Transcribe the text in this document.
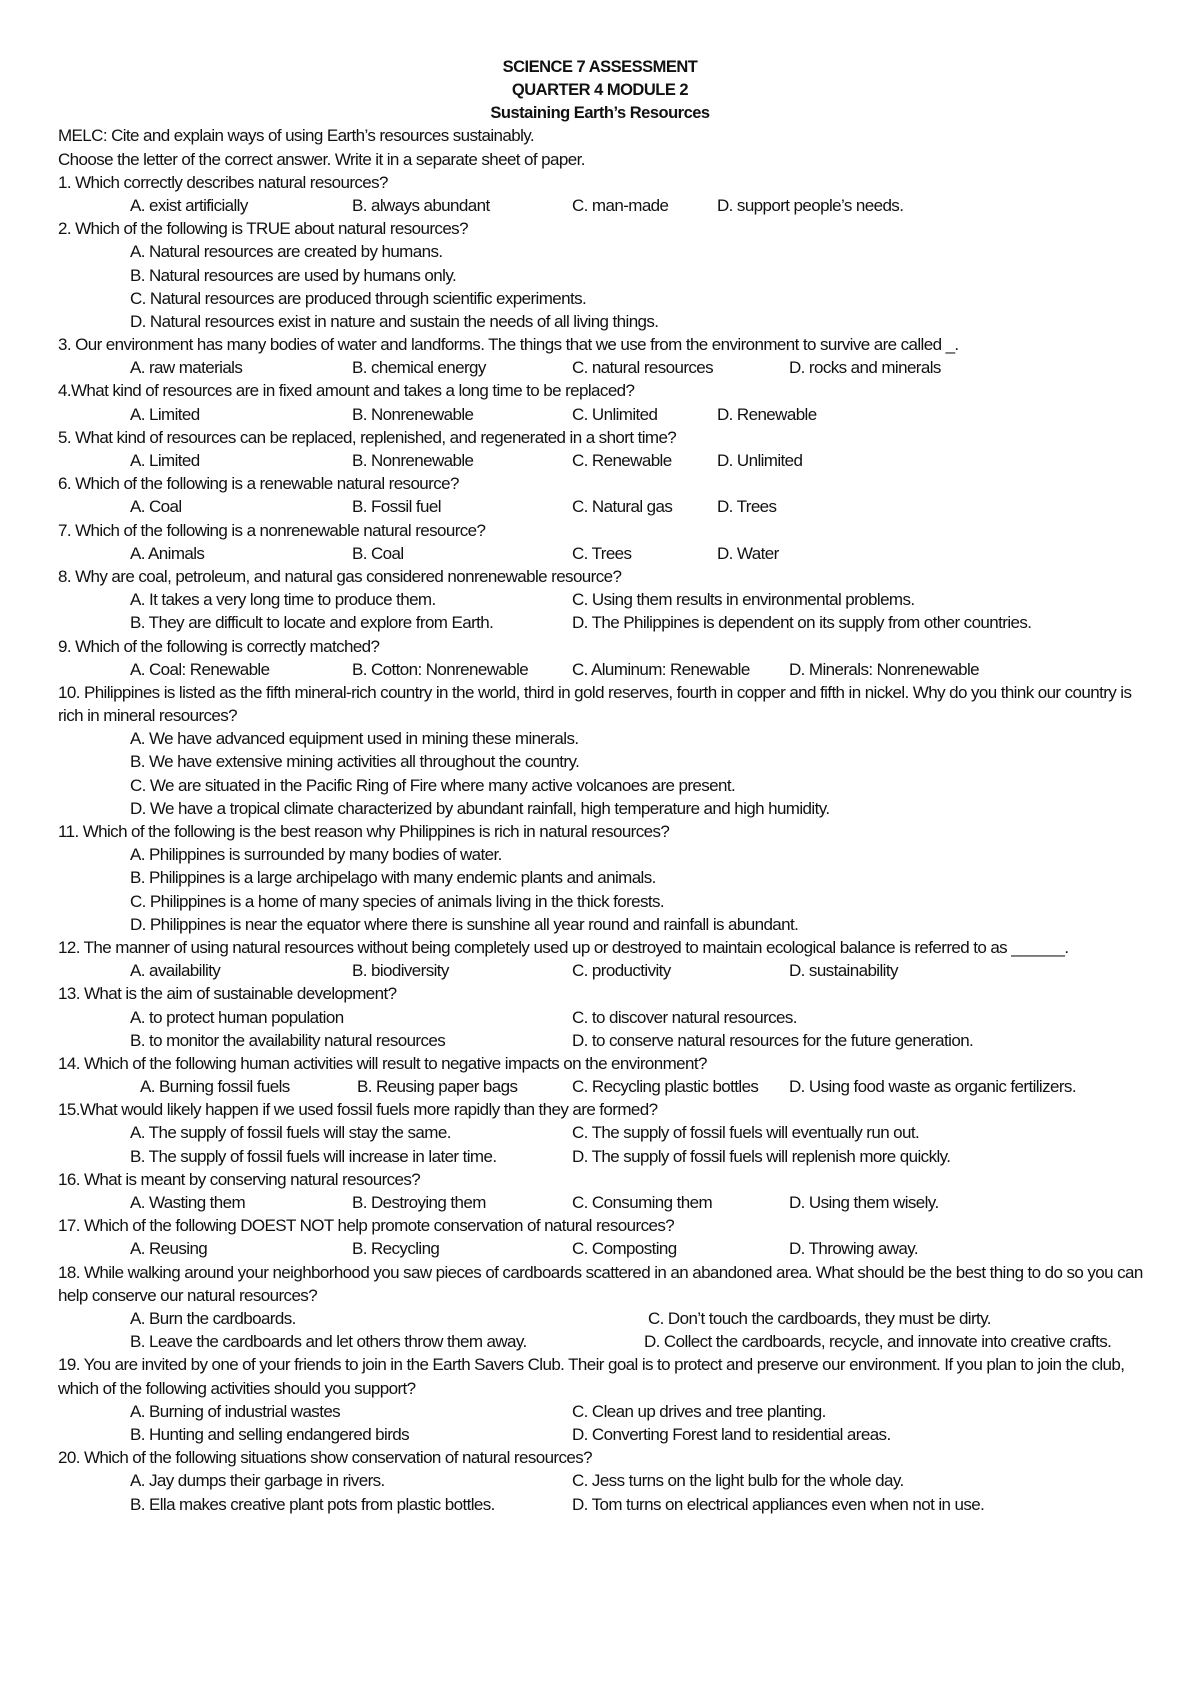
SCIENCE 7 ASSESSMENT
QUARTER 4 MODULE 2
Sustaining Earth’s Resources
MELC: Cite and explain ways of using Earth’s resources sustainably.
Choose the letter of the correct answer. Write it in a separate sheet of paper.
1. Which correctly describes natural resources?
A. exist artificially	B. always abundant	C. man-made	D. support people’s needs.
2. Which of the following is TRUE about natural resources?
A. Natural resources are created by humans.
B. Natural resources are used by humans only.
C. Natural resources are produced through scientific experiments.
D. Natural resources exist in nature and sustain the needs of all living things.
3. Our environment has many bodies of water and landforms. The things that we use from the environment to survive are called _.
A. raw materials	B. chemical energy	C. natural resources	D. rocks and minerals
4.What kind of resources are in fixed amount and takes a long time to be replaced?
A. Limited	B. Nonrenewable	C. Unlimited	D. Renewable
5. What kind of resources can be replaced, replenished, and regenerated in a short time?
A. Limited	B. Nonrenewable	C. Renewable	D. Unlimited
6. Which of the following is a renewable natural resource?
A. Coal	B. Fossil fuel	C. Natural gas	D. Trees
7. Which of the following is a nonrenewable natural resource?
A. Animals	B. Coal	C. Trees	D. Water
8. Why are coal, petroleum, and natural gas considered nonrenewable resource?
A. It takes a very long time to produce them.	C. Using them results in environmental problems.
B. They are difficult to locate and explore from Earth.	D. The Philippines is dependent on its supply from other countries.
9. Which of the following is correctly matched?
A. Coal: Renewable	B. Cotton: Nonrenewable	C. Aluminum: Renewable D. Minerals: Nonrenewable
10. Philippines is listed as the fifth mineral-rich country in the world, third in gold reserves, fourth in copper and fifth in nickel. Why do you think our country is rich in mineral resources?
A. We have advanced equipment used in mining these minerals.
B. We have extensive mining activities all throughout the country.
C. We are situated in the Pacific Ring of Fire where many active volcanoes are present.
D. We have a tropical climate characterized by abundant rainfall, high temperature and high humidity.
11. Which of the following is the best reason why Philippines is rich in natural resources?
A. Philippines is surrounded by many bodies of water.
B. Philippines is a large archipelago with many endemic plants and animals.
C. Philippines is a home of many species of animals living in the thick forests.
D. Philippines is near the equator where there is sunshine all year round and rainfall is abundant.
12. The manner of using natural resources without being completely used up or destroyed to maintain ecological balance is referred to as ______.
A. availability	B. biodiversity	C. productivity	D. sustainability
13. What is the aim of sustainable development?
A. to protect human population	C. to discover natural resources.
B. to monitor the availability natural resources	D. to conserve natural resources for the future generation.
14. Which of the following human activities will result to negative impacts on the environment?
A. Burning fossil fuels	B. Reusing paper bags	C. Recycling plastic bottles D. Using food waste as organic fertilizers.
15.What would likely happen if we used fossil fuels more rapidly than they are formed?
A. The supply of fossil fuels will stay the same.	C. The supply of fossil fuels will eventually run out.
B. The supply of fossil fuels will increase in later time.	D. The supply of fossil fuels will replenish more quickly.
16. What is meant by conserving natural resources?
A. Wasting them	B. Destroying them	C. Consuming them	D. Using them wisely.
17. Which of the following DOEST NOT help promote conservation of natural resources?
A. Reusing	B. Recycling	C. Composting	D. Throwing away.
18. While walking around your neighborhood you saw pieces of cardboards scattered in an abandoned area. What should be the best thing to do so you can help conserve our natural resources?
A. Burn the cardboards.	C. Don’t touch the cardboards, they must be dirty.
B. Leave the cardboards and let others throw them away.	D. Collect the cardboards, recycle, and innovate into creative crafts.
19. You are invited by one of your friends to join in the Earth Savers Club. Their goal is to protect and preserve our environment. If you plan to join the club, which of the following activities should you support?
A. Burning of industrial wastes	C. Clean up drives and tree planting.
B. Hunting and selling endangered birds	D. Converting Forest land to residential areas.
20. Which of the following situations show conservation of natural resources?
A. Jay dumps their garbage in rivers.	C. Jess turns on the light bulb for the whole day.
B. Ella makes creative plant pots from plastic bottles.	D. Tom turns on electrical appliances even when not in use.
